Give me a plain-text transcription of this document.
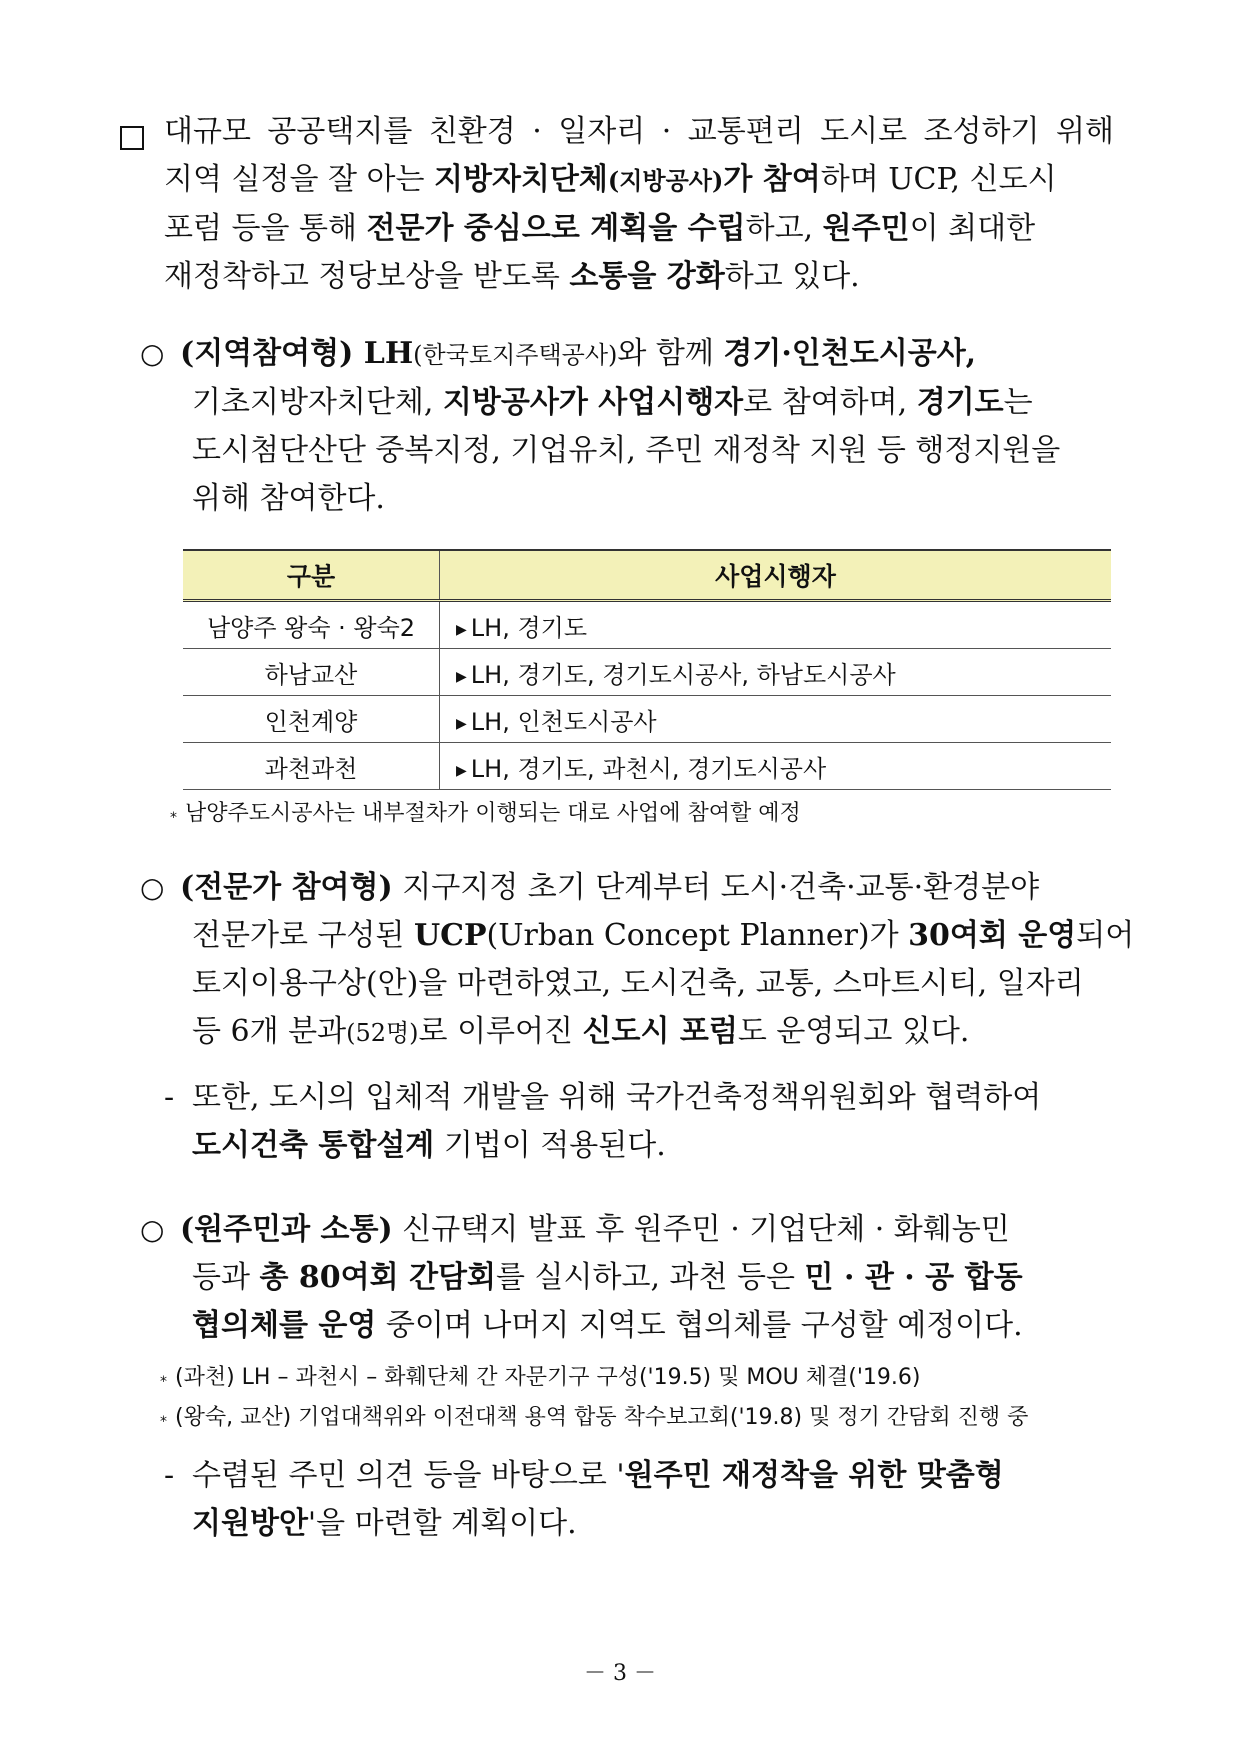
대규모 공공택지를 친환경 · 일자리 · 교통편리 도시로 조성하기 위해
지역 실정을 잘 아는 지방자치단체(지방공사)가 참여하며 UCP, 신도시
포럼 등을 통해 전문가 중심으로 계획을 수립하고, 원주민이 최대한
재정착하고 정당보상을 받도록 소통을 강화하고 있다.
○ (지역참여형) LH(한국토지주택공사)와 함께 경기·인천도시공사,
기초지방자치단체, 지방공사가 사업시행자로 참여하며, 경기도는
도시첨단산단 중복지정, 기업유치, 주민 재정착 지원 등 행정지원을
위해 참여한다.
구분	사업시행자
남양주 왕숙 · 왕숙2	▶ LH, 경기도
하남교산	▶ LH, 경기도, 경기도시공사, 하남도시공사
인천계양	▶ LH, 인천도시공사
과천과천	▶ LH, 경기도, 과천시, 경기도시공사
* 남양주도시공사는 내부절차가 이행되는 대로 사업에 참여할 예정
○ (전문가 참여형) 지구지정 초기 단계부터 도시·건축·교통·환경분야
전문가로 구성된 UCP(Urban Concept Planner)가 30여회 운영되어
토지이용구상(안)을 마련하였고, 도시건축, 교통, 스마트시티, 일자리
등 6개 분과(52명)로 이루어진 신도시 포럼도 운영되고 있다.
- 또한, 도시의 입체적 개발을 위해 국가건축정책위원회와 협력하여
도시건축 통합설계 기법이 적용된다.
○ (원주민과 소통) 신규택지 발표 후 원주민 · 기업단체 · 화훼농민
등과 총 80여회 간담회를 실시하고, 과천 등은 민 · 관 · 공 합동
협의체를 운영 중이며 나머지 지역도 협의체를 구성할 예정이다.
* (과천) LH – 과천시 – 화훼단체 간 자문기구 구성('19.5) 및 MOU 체결('19.6)
* (왕숙, 교산) 기업대책위와 이전대책 용역 합동 착수보고회('19.8) 및 정기 간담회 진행 중
- 수렴된 주민 의견 등을 바탕으로 '원주민 재정착을 위한 맞춤형
지원방안'을 마련할 계획이다.
－ 3 －
